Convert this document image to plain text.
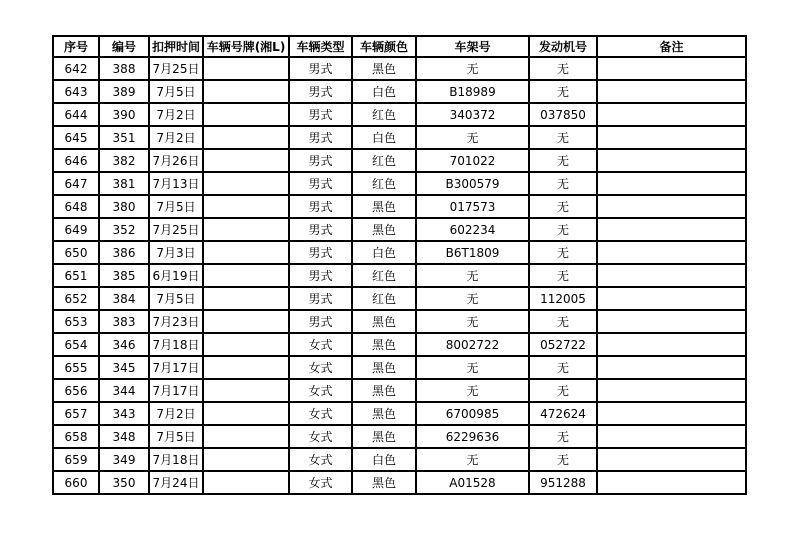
序号	编号	扣押时间	车辆号牌(湘L)	车辆类型	车辆颜色	车架号	发动机号	备注
642	388	7月25日		男式	黑色	无	无	
643	389	7月5日		男式	白色	B18989	无	
644	390	7月2日		男式	红色	340372	037850	
645	351	7月2日		男式	白色	无	无	
646	382	7月26日		男式	红色	701022	无	
647	381	7月13日		男式	红色	B300579	无	
648	380	7月5日		男式	黑色	017573	无	
649	352	7月25日		男式	黑色	602234	无	
650	386	7月3日		男式	白色	B6T1809	无	
651	385	6月19日		男式	红色	无	无	
652	384	7月5日		男式	红色	无	112005	
653	383	7月23日		男式	黑色	无	无	
654	346	7月18日		女式	黑色	8002722	052722	
655	345	7月17日		女式	黑色	无	无	
656	344	7月17日		女式	黑色	无	无	
657	343	7月2日		女式	黑色	6700985	472624	
658	348	7月5日		女式	黑色	6229636	无	
659	349	7月18日		女式	白色	无	无	
660	350	7月24日		女式	黑色	A01528	951288	
